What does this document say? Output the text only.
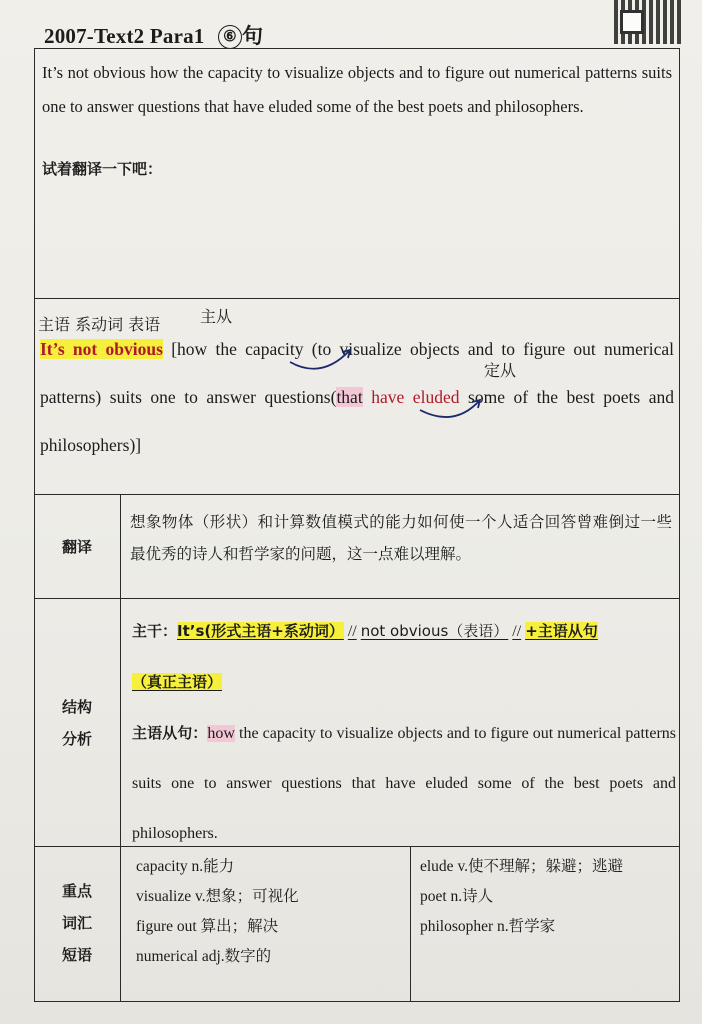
2007-Text2 Para1 ⑥ 句
It’s not obvious how the capacity to visualize objects and to figure out numerical patterns suits one to answer questions that have eluded some of the best poets and philosophers.
试着翻译一下吧：
主语 系动词 表语 主从
定从
It’s not obvious [how the capacity (to visualize objects and to figure out numerical patterns) suits one to answer questions(that have eluded some of the best poets and philosophers)]
翻译
想象物体（形状）和计算数值模式的能力如何使一个人适合回答曾难倒过一些最优秀的诗人和哲学家的问题，这一点难以理解。
结构
分析
主干：It’s(形式主语+系动词） // not obvious（表语） // +主语从句
（真正主语）
主语从句：how the capacity to visualize objects and to figure out numerical patterns suits one to answer questions that have eluded some of the best poets and philosophers.
重点
词汇
短语
capacity n.能力
visualize v.想象；可视化
figure out 算出；解决
numerical adj.数字的
elude v.使不理解；躲避；逃避
poet n.诗人
philosopher n.哲学家
